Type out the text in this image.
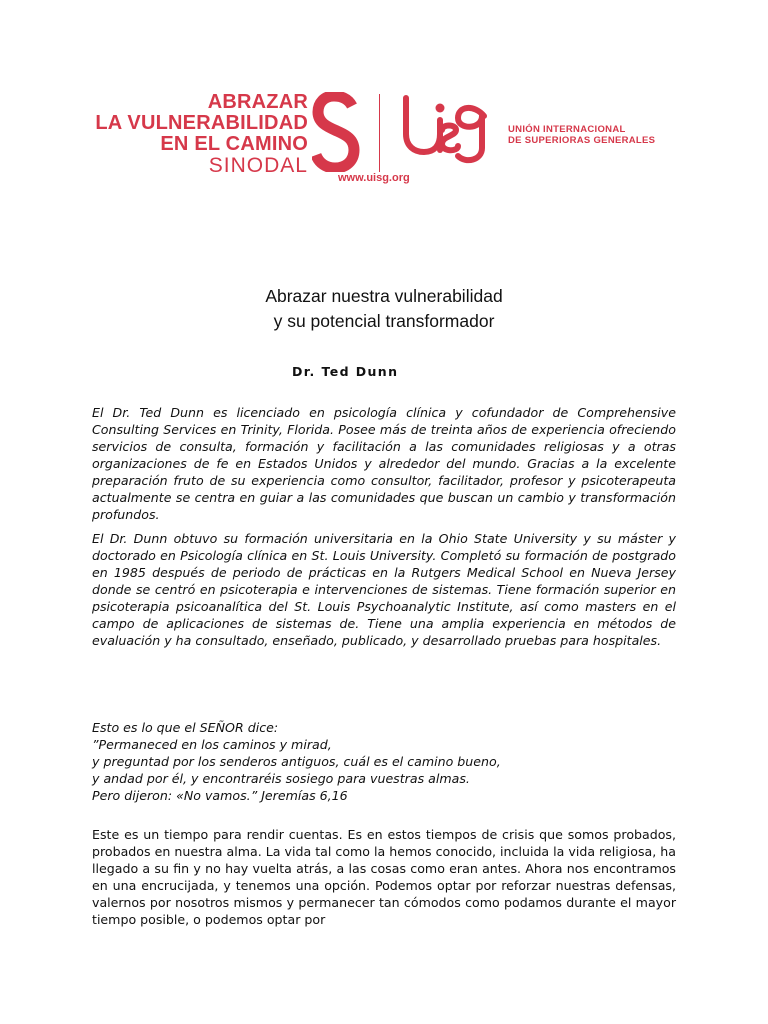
ABRAZAR
LA VULNERABILIDAD
EN EL CAMINO
SINODAL
UNIÓN INTERNACIONAL
DE SUPERIORAS GENERALES
www.uisg.org
Abrazar nuestra vulnerabilidad
y su potencial transformador
Dr. Ted Dunn

El Dr. Ted Dunn es licenciado en psicología clínica y cofundador de Comprehensive Consulting Services en Trinity, Florida. Posee más de treinta años de experiencia ofreciendo servicios de consulta, formación y facilitación a las comunidades religiosas y a otras organizaciones de fe en Estados Unidos y alrededor del mundo. Gracias a la excelente preparación fruto de su experiencia como consultor, facilitador, profesor y psicoterapeuta actualmente se centra en guiar a las comunidades que buscan un cambio y transformación profundos.

El Dr. Dunn obtuvo su formación universitaria en la Ohio State University y su máster y doctorado en Psicología clínica en St. Louis University. Completó su formación de postgrado en 1985 después de periodo de prácticas en la Rutgers Medical School en Nueva Jersey donde se centró en psicoterapia e intervenciones de sistemas. Tiene formación superior en psicoterapia psicoanalítica del St. Louis Psychoanalytic Institute, así como masters en el campo de aplicaciones de sistemas de. Tiene una amplia experiencia en métodos de evaluación y ha consultado, enseñado, publicado, y desarrollado pruebas para hospitales.

Esto es lo que el SEÑOR dice:
”Permaneced en los caminos y mirad,
y preguntad por los senderos antiguos, cuál es el camino bueno,
y andad por él, y encontraréis sosiego para vuestras almas.
Pero dijeron: «No vamos.” Jeremías 6,16

Este es un tiempo para rendir cuentas. Es en estos tiempos de crisis que somos probados, probados en nuestra alma. La vida tal como la hemos conocido, incluida la vida religiosa, ha llegado a su fin y no hay vuelta atrás, a las cosas como eran antes. Ahora nos encontramos en una encrucijada, y tenemos una opción. Podemos optar por reforzar nuestras defensas, valernos por nosotros mismos y permanecer tan cómodos como podamos durante el mayor tiempo posible, o podemos optar por
